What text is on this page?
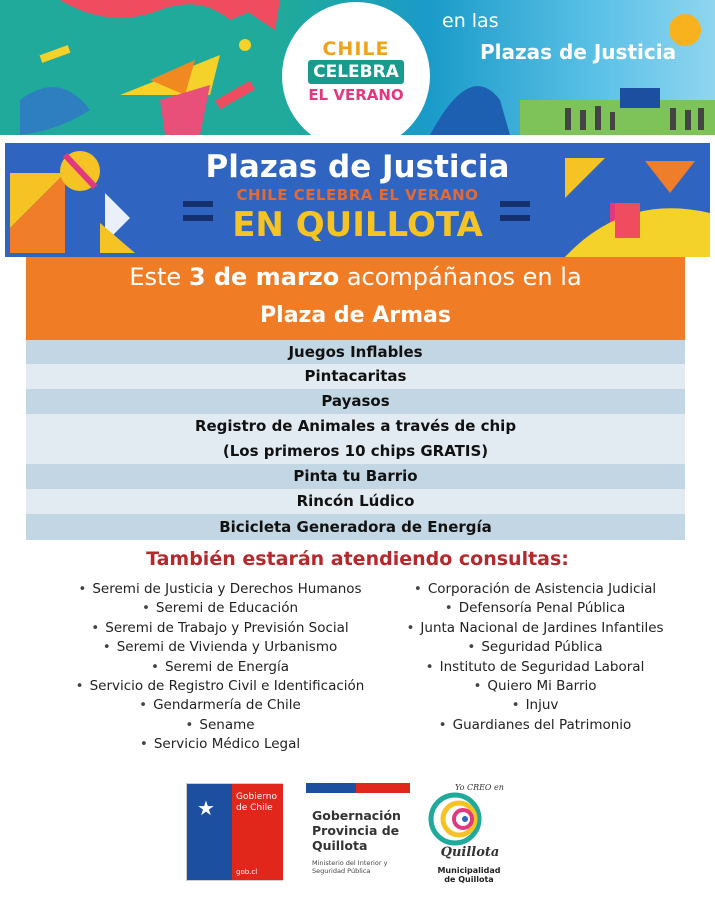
CHILE
CELEBRA
EL VERANO
en las
Plazas de Justicia
Plazas de Justicia
CHILE CELEBRA EL VERANO
EN QUILLOTA
Este 3 de marzo acompáñanos en la
Plaza de Armas
Juegos Inflables
Pintacaritas
Payasos
Registro de Animales a través de chip
(Los primeros 10 chips GRATIS)
Pinta tu Barrio
Rincón Lúdico
Bicicleta Generadora de Energía
También estarán atendiendo consultas:
• Seremi de Justicia y Derechos Humanos
• Seremi de Educación
• Seremi de Trabajo y Previsión Social
• Seremi de Vivienda y Urbanismo
• Seremi de Energía
• Servicio de Registro Civil e Identificación
• Gendarmería de Chile
• Sename
• Servicio Médico Legal
• Corporación de Asistencia Judicial
• Defensoría Penal Pública
• Junta Nacional de Jardines Infantiles
• Seguridad Pública
• Instituto de Seguridad Laboral
• Quiero Mi Barrio
• Injuv
• Guardianes del Patrimonio
★ Gobierno
de Chile
gob.cl
Gobernación
Provincia de
Quillota
Ministerio del Interior y
Seguridad Pública
Yo CREO en
Quillota
Municipalidad
de Quillota
